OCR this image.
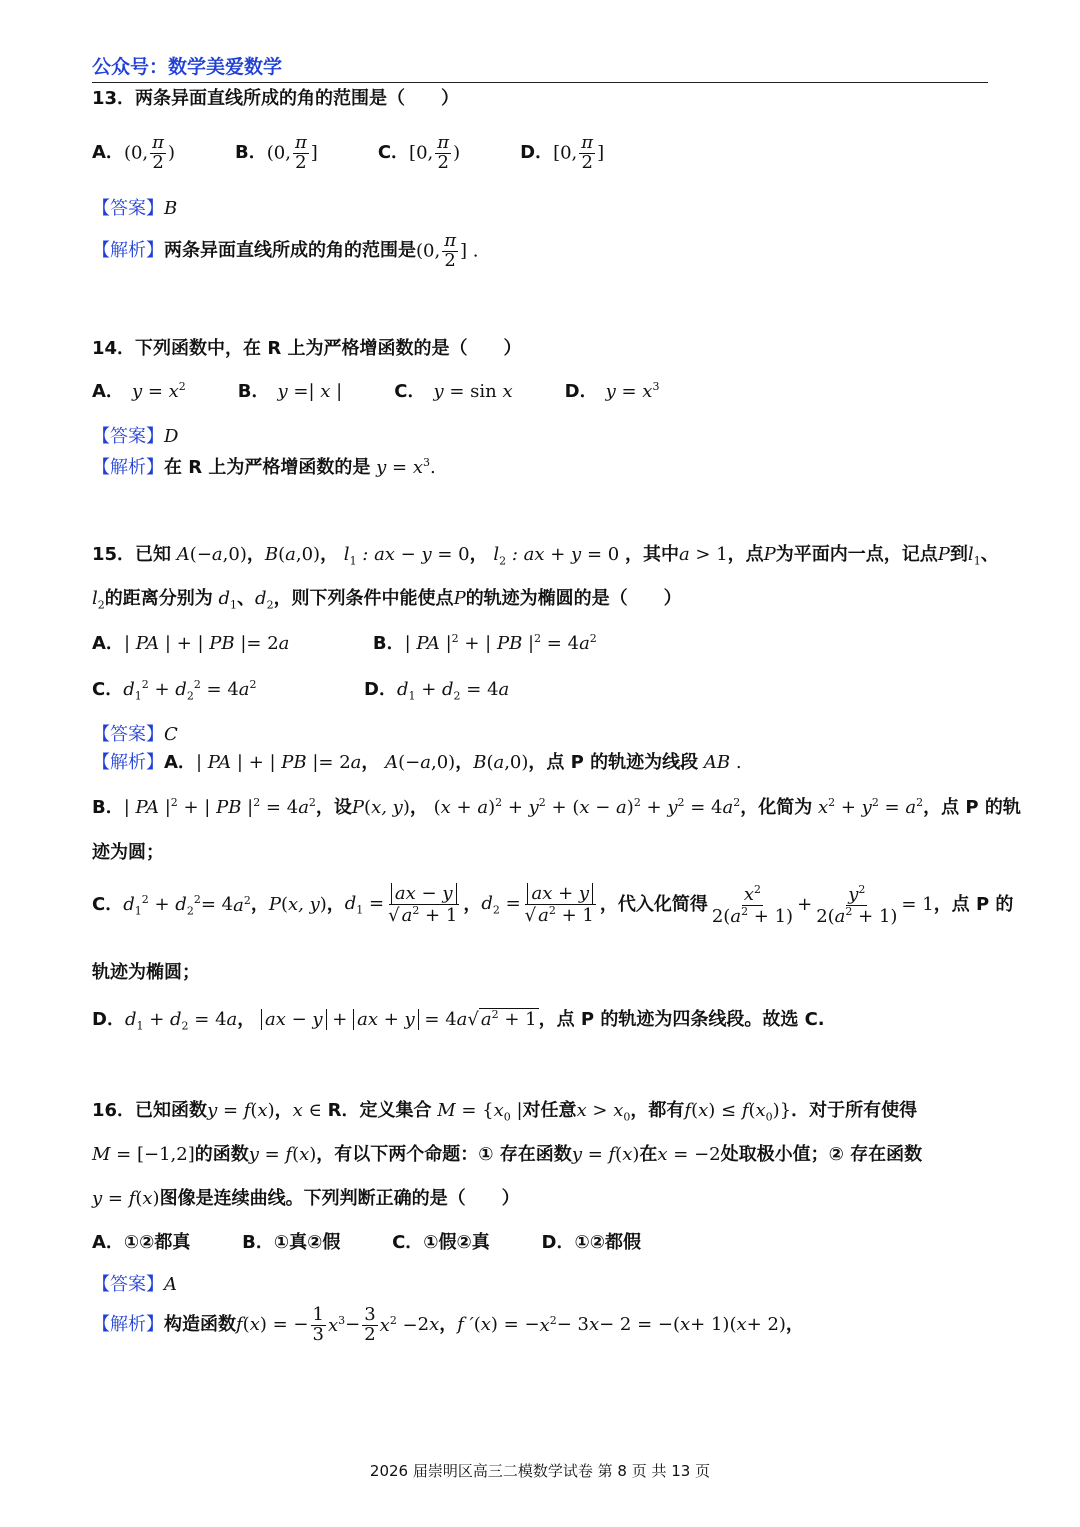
公众号：数学美爱数学
13．两条异面直线所成的角的范围是（　　）
A． (0, $\frac{\pi}{2}$ )	B． (0, $\frac{\pi}{2}$ ]	C． [0, $\frac{\pi}{2}$ )	D． [0, $\frac{\pi}{2}$ ]
【答案】B
【解析】 两条异面直线所成的角的范围是 (0, $\frac{\pi}{2}$ ] .
14．下列函数中，在 R 上为严格增函数的是（　　）
A． $y = x^2$	B． y =| x |	C． y = sin x	D． $y = x^3$
【答案】D
【解析】在 R 上为严格增函数的是 $y = x^3$.
15．已知 A(−a,0)，B(a,0)， $l_1$ : ax − y = 0， $l_2$ : ax + y = 0 ，其中a > 1，点P为平面内一点，记点P到$l_1$、
$l_2$的距离分别为 $d_1$、$d_2$，则下列条件中能使点P的轨迹为椭圆的是（　　）
A．| PA | + | PB |= 2a	B．| PA $|^2$ + | PB $|^2 = 4a^2$
C．$d_1^2 + d_2^2 = 4a^2$	D．$d_1 + d_2 = 4a$
【答案】C
【解析】A．| PA | + | PB |= 2a， A(−a,0)，B(a,0)，点 P 的轨迹为线段 AB .
B．| PA $|^2$ + | PB $|^2 = 4a^2$，设P(x, y)， $(x + a)^2 + y^2 + (x - a)^2 + y^2 = 4a^2$，化简为 $x^2 + y^2 = a^2$，点 P 的轨
迹为圆；
C． $d_1^2 + d_2^2 = 4$ $a^2$ ， P ( x, y ) ， $d_1 = \frac{ax - y}{√ a^2 + 1}$ ， $d_2 = \frac{ax + y}{√ a^2 + 1}$ ，代入化简得 $\frac{x^2}{2(a^2 + 1)} + \frac{y^2}{2(a^2 + 1)} = 1$ ，点 P 的
轨迹为椭圆；
D．$d_1 + d_2 = 4a$， ax − y + ax + y = 4a√ $a^2 + 1$ ，点 P 的轨迹为四条线段。故选 C.
16．已知函数y = f(x)，x ∈ R．定义集合 $M = \{x_0$ |对任意$x > x_0$，都有$f(x) \le f(x_0)$}．对于所有使得
M = [−1,2]的函数y = f(x)，有以下两个命题：① 存在函数y = f(x)在x = −2处取极小值；② 存在函数
y = f(x)图像是连续曲线。下列判断正确的是（　　）
A．①②都真	B．①真②假	C．①假②真	D．①②都假
【答案】A
【解析】 构造函数 f ( x ) = − $\frac{1}{3} x^3 - \frac{3}{2} x^2 - 2$ x ， f ′ ( x ) = − $x^2 - 3$ x − 2 = −( x + 1)( x + 2) ，
2026 届崇明区高三二模数学试卷 第 8 页 共 13 页
